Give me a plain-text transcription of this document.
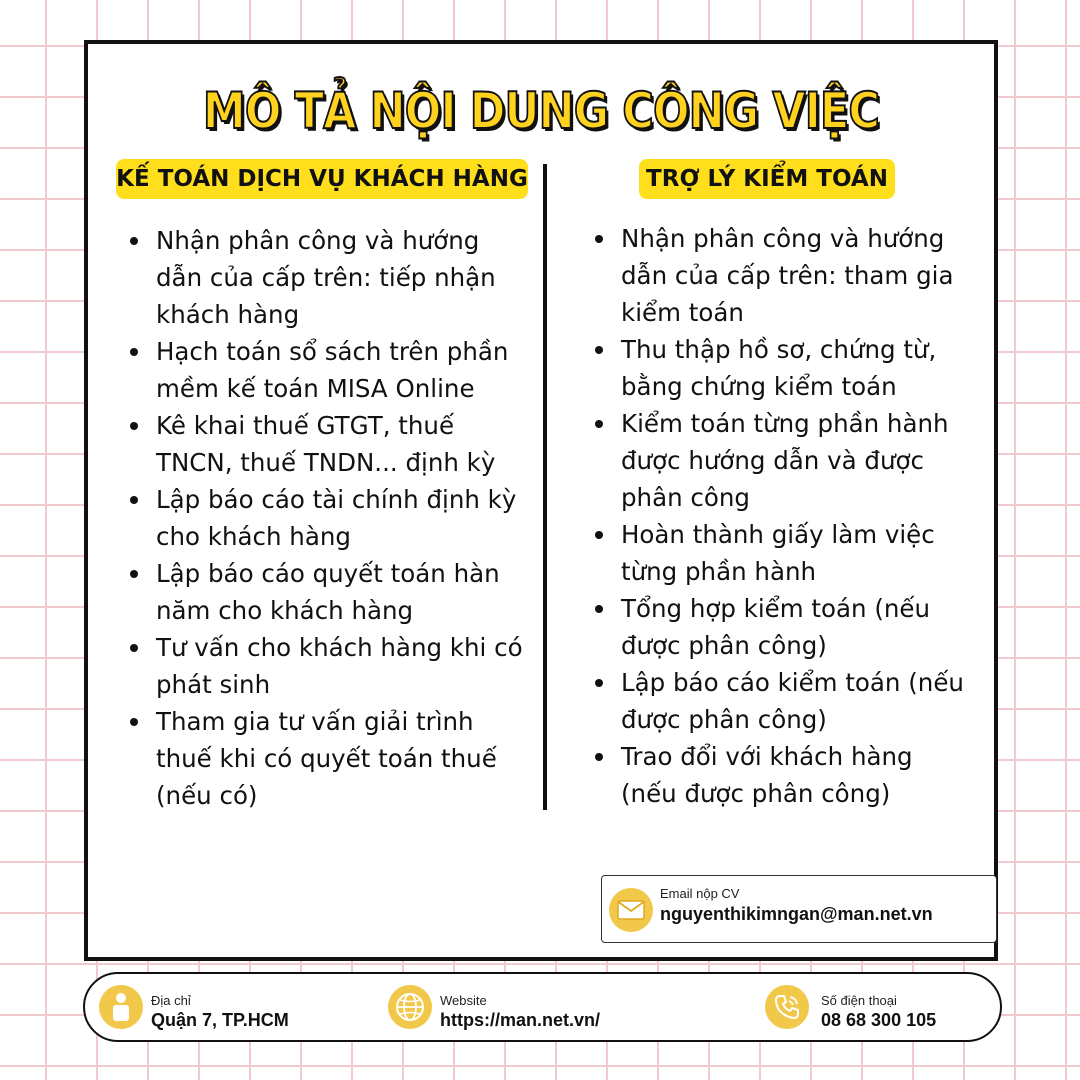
MÔ TẢ NỘI DUNG CÔNG VIỆC
KẾ TOÁN DỊCH VỤ KHÁCH HÀNG	TRỢ LÝ KIỂM TOÁN
Nhận phân công và hướng dẫn của cấp trên: tiếp nhận khách hàng
Hạch toán sổ sách trên phần mềm kế toán MISA Online
Kê khai thuế GTGT, thuế TNCN, thuế TNDN... định kỳ
Lập báo cáo tài chính định kỳ cho khách hàng
Lập báo cáo quyết toán hàn năm cho khách hàng
Tư vấn cho khách hàng khi có phát sinh
Tham gia tư vấn giải trình thuế khi có quyết toán thuế (nếu có)
Nhận phân công và hướng dẫn của cấp trên: tham gia kiểm toán
Thu thập hồ sơ, chứng từ, bằng chứng kiểm toán
Kiểm toán từng phần hành được hướng dẫn và được phân công
Hoàn thành giấy làm việc từng phần hành
Tổng hợp kiểm toán (nếu được phân công)
Lập báo cáo kiểm toán (nếu được phân công)
Trao đổi với khách hàng (nếu được phân công)
Email nộp CV
nguyenthikimngan@man.net.vn
Địa chỉ
Quận 7, TP.HCM
Website
https://man.net.vn/
Số điện thoại
08 68 300 105
